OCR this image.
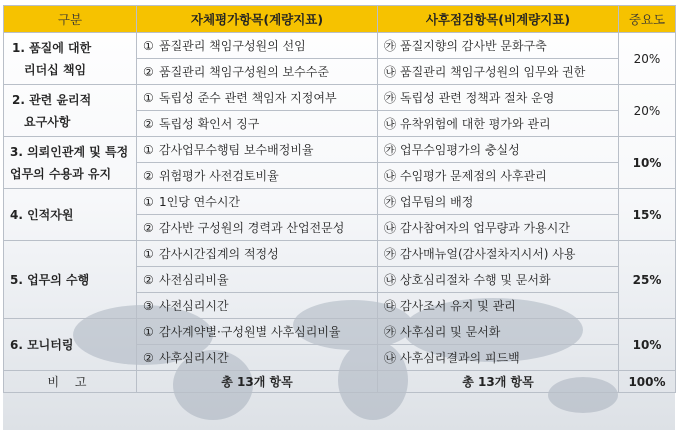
구분	자체평가항목(계량지표)	사후점검항목(비계량지표)	중요도
1. 품질에 대한
리더십 책임	① 품질관리 책임구성원의 선임	㉮ 품질지향의 감사반 문화구축	20%
	② 품질관리 책임구성원의 보수수준	㉯ 품질관리 책임구성원의 임무와 권한	
2. 관련 윤리적
요구사항	① 독립성 준수 관련 책임자 지정여부	㉮ 독립성 관련 정책과 절차 운영	20%
	② 독립성 확인서 징구	㉯ 유착위험에 대한 평가와 관리	
3. 의뢰인관계 및 특정
업무의 수용과 유지	① 감사업무수행팀 보수배정비율	㉮ 업무수임평가의 충실성	10%
	② 위험평가 사전검토비율	㉯ 수임평가 문제점의 사후관리	
4. 인적자원	① 1인당 연수시간	㉮ 업무팀의 배정	15%
	② 감사반 구성원의 경력과 산업전문성	㉯ 감사참여자의 업무량과 가용시간	
5. 업무의 수행	① 감사시간집계의 적정성	㉮ 감사매뉴얼(감사절차지시서) 사용	25%
	② 사전심리비율	㉯ 상호심리절차 수행 및 문서화	
	③ 사전심리시간	㉰ 감사조서 유지 및 관리	
6. 모니터링	① 감사계약별·구성원별 사후심리비율	㉮ 사후심리 및 문서화	10%
	② 사후심리시간	㉯ 사후심리결과의 피드백	
비 고	총 13개 항목	총 13개 항목	100%
